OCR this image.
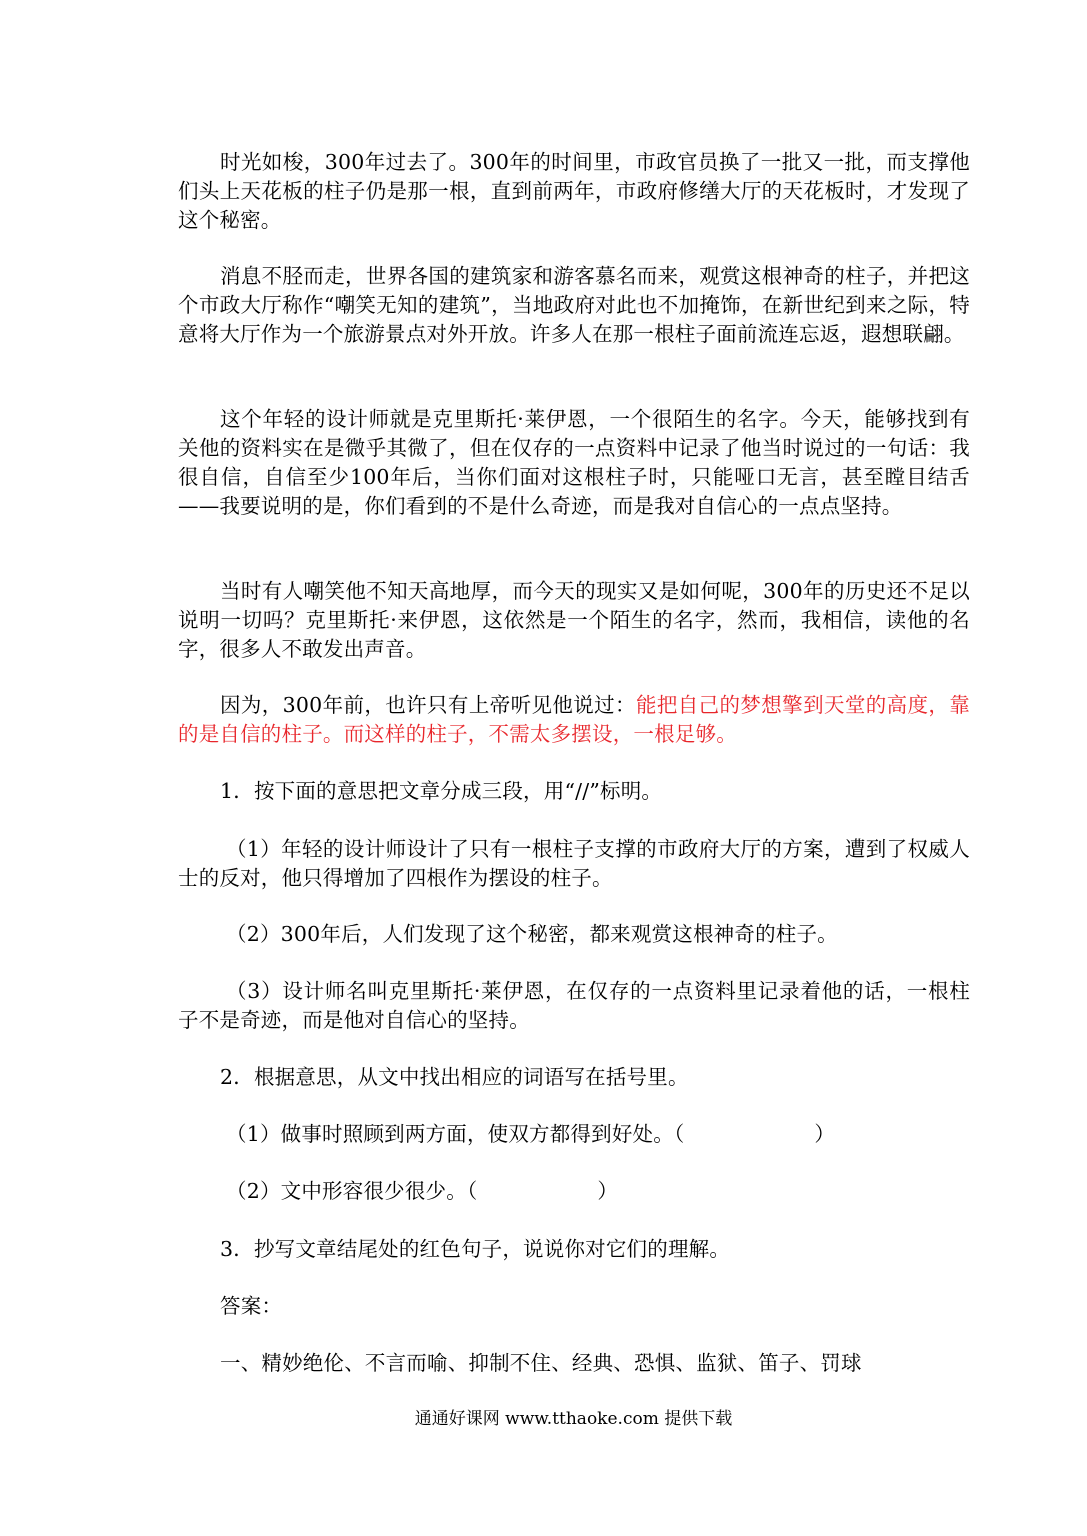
时光如梭，300年过去了。300年的时间里，市政官员换了一批又一批，而支撑他们头上天花板的柱子仍是那一根，直到前两年，市政府修缮大厅的天花板时，才发现了这个秘密。

消息不胫而走，世界各国的建筑家和游客慕名而来，观赏这根神奇的柱子，并把这个市政大厅称作“嘲笑无知的建筑”，当地政府对此也不加掩饰，在新世纪到来之际，特意将大厅作为一个旅游景点对外开放。许多人在那一根柱子面前流连忘返，遐想联翩。

这个年轻的设计师就是克里斯托·莱伊恩，一个很陌生的名字。今天，能够找到有关他的资料实在是微乎其微了，但在仅存的一点资料中记录了他当时说过的一句话：我很自信，自信至少100年后，当你们面对这根柱子时，只能哑口无言，甚至瞠目结舌——我要说明的是，你们看到的不是什么奇迹，而是我对自信心的一点点坚持。

当时有人嘲笑他不知天高地厚，而今天的现实又是如何呢，300年的历史还不足以说明一切吗？克里斯托·来伊恩，这依然是一个陌生的名字，然而，我相信，读他的名字，很多人不敢发出声音。

因为，300年前，也许只有上帝听见他说过：能把自己的梦想擎到天堂的高度，靠的是自信的柱子。而这样的柱子，不需太多摆设，一根足够。

1．按下面的意思把文章分成三段，用“//”标明。

（1）年轻的设计师设计了只有一根柱子支撑的市政府大厅的方案，遭到了权威人士的反对，他只得增加了四根作为摆设的柱子。

（2）300年后，人们发现了这个秘密，都来观赏这根神奇的柱子。

（3）设计师名叫克里斯托·莱伊恩，在仅存的一点资料里记录着他的话，一根柱子不是奇迹，而是他对自信心的坚持。

2．根据意思，从文中找出相应的词语写在括号里。

（1）做事时照顾到两方面，使双方都得到好处。（	）

（2）文中形容很少很少。（	）

3．抄写文章结尾处的红色句子，说说你对它们的理解。

答案：

一、精妙绝伦、不言而喻、抑制不住、经典、恐惧、监狱、笛子、罚球

通通好课网 www.tthaoke.com 提供下载
